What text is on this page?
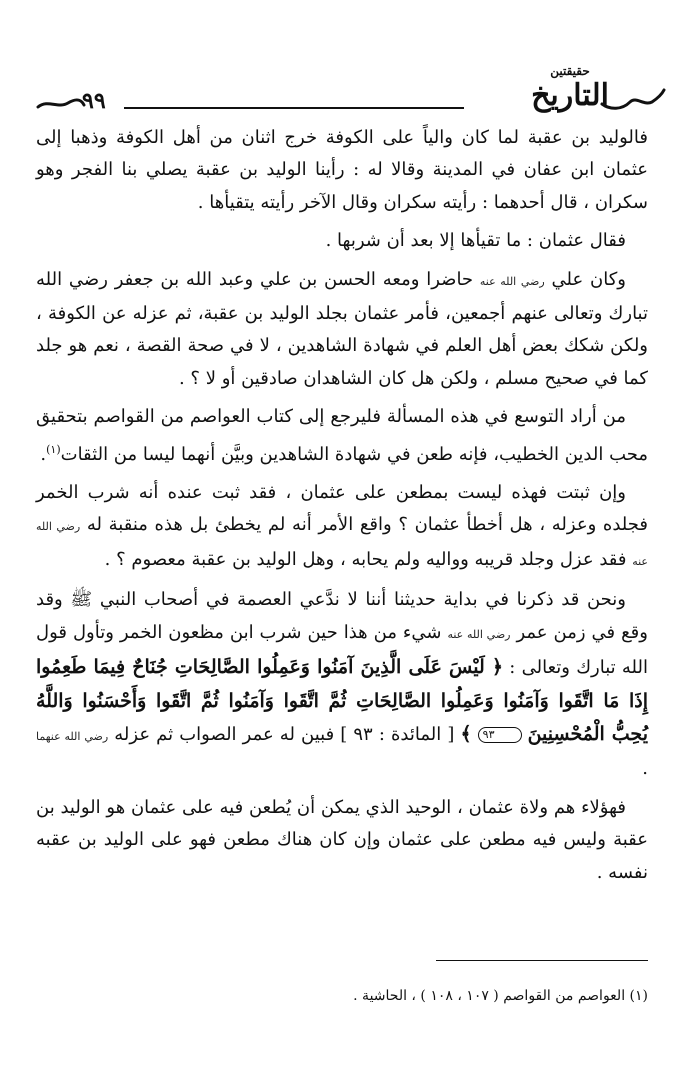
٩٩
حقيقتين
التاريخ

فالوليد بن عقبة لما كان والياً على الكوفة خرج اثنان من أهل الكوفة وذهبا إلى عثمان ابن عفان في المدينة وقالا له : رأينا الوليد بن عقبة يصلي بنا الفجر وهو سكران ، قال أحدهما : رأيته سكران وقال الآخر رأيته يتقيأها .

فقال عثمان : ما تقيأها إلا بعد أن شربها .

وكان علي رضي الله عنه حاضرا ومعه الحسن بن علي وعبد الله بن جعفر رضي الله تبارك وتعالى عنهم أجمعين، فأمر عثمان بجلد الوليد بن عقبة، ثم عزله عن الكوفة ، ولكن شكك بعض أهل العلم في شهادة الشاهدين ، لا في صحة القصة ، نعم هو جلد كما في صحيح مسلم ، ولكن هل كان الشاهدان صادقين أو لا ؟ .

من أراد التوسع في هذه المسألة فليرجع إلى كتاب العواصم من القواصم بتحقيق محب الدين الخطيب، فإنه طعن في شهادة الشاهدين وبيَّن أنهما ليسا من الثقات$^{(١)}$.

وإن ثبتت فهذه ليست بمطعن على عثمان ، فقد ثبت عنده أنه شرب الخمر فجلده وعزله ، هل أخطأ عثمان ؟ واقع الأمر أنه لم يخطئ بل هذه منقبة له رضي الله عنه فقد عزل وجلد قريبه وواليه ولم يحابه ، وهل الوليد بن عقبة معصوم ؟ .

ونحن قد ذكرنا في بداية حديثنا أننا لا ندَّعي العصمة في أصحاب النبي ﷺ وقد وقع في زمن عمر رضي الله عنه شيء من هذا حين شرب ابن مظعون الخمر وتأول قول الله تبارك وتعالى : ﴿ لَيْسَ عَلَى الَّذِينَ آمَنُوا وَعَمِلُوا الصَّالِحَاتِ جُنَاحٌ فِيمَا طَعِمُوا إِذَا مَا اتَّقَوا وَآمَنُوا وَعَمِلُوا الصَّالِحَاتِ ثُمَّ اتَّقَوا وَآمَنُوا ثُمَّ اتَّقَوا وَأَحْسَنُوا وَاللَّهُ يُحِبُّ الْمُحْسِنِينَ ٩٣ ﴾ [ المائدة : ٩٣ ] فبين له عمر الصواب ثم عزله رضي الله عنهما .

فهؤلاء هم ولاة عثمان ، الوحيد الذي يمكن أن يُطعن فيه على عثمان هو الوليد بن عقبة وليس فيه مطعن على عثمان وإن كان هناك مطعن فهو على الوليد بن عقبه نفسه .

(١) العواصم من القواصم ( ١٠٧ ، ١٠٨ ) ، الحاشية .
